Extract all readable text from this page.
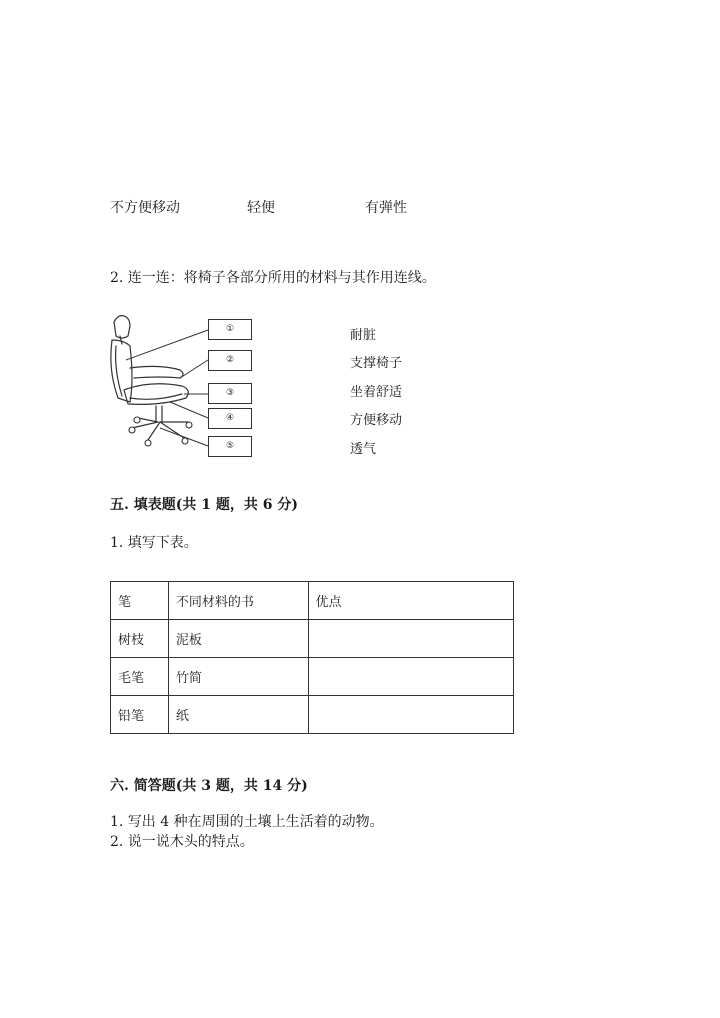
不方便移动	轻便	有弹性
2. 连一连：将椅子各部分所用的材料与其作用连线。
①
②
③
④
⑤
耐脏
支撑椅子
坐着舒适
方便移动
透气
五. 填表题(共 1 题，共 6 分)
1. 填写下表。
笔	不同材料的书	优点
树枝	泥板	
毛笔	竹简	
铅笔	纸	
六. 简答题(共 3 题，共 14 分)
1. 写出 4 种在周围的土壤上生活着的动物。
2. 说一说木头的特点。
